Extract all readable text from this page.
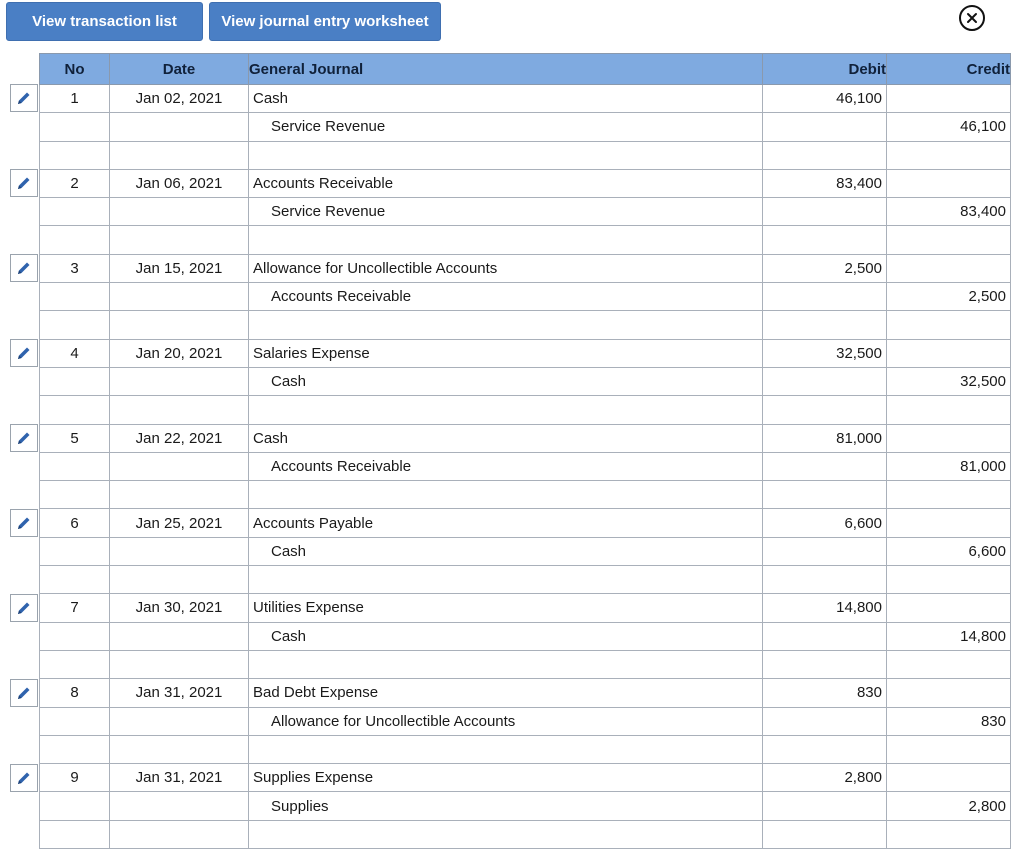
View transaction list	View journal entry worksheet
No	Date	General Journal	Debit	Credit
1	Jan 02, 2021	Cash	46,100	
		Service Revenue		46,100

2	Jan 06, 2021	Accounts Receivable	83,400	
		Service Revenue		83,400

3	Jan 15, 2021	Allowance for Uncollectible Accounts	2,500	
		Accounts Receivable		2,500

4	Jan 20, 2021	Salaries Expense	32,500	
		Cash		32,500

5	Jan 22, 2021	Cash	81,000	
		Accounts Receivable		81,000

6	Jan 25, 2021	Accounts Payable	6,600	
		Cash		6,600

7	Jan 30, 2021	Utilities Expense	14,800	
		Cash		14,800

8	Jan 31, 2021	Bad Debt Expense	830	
		Allowance for Uncollectible Accounts		830

9	Jan 31, 2021	Supplies Expense	2,800	
		Supplies		2,800
